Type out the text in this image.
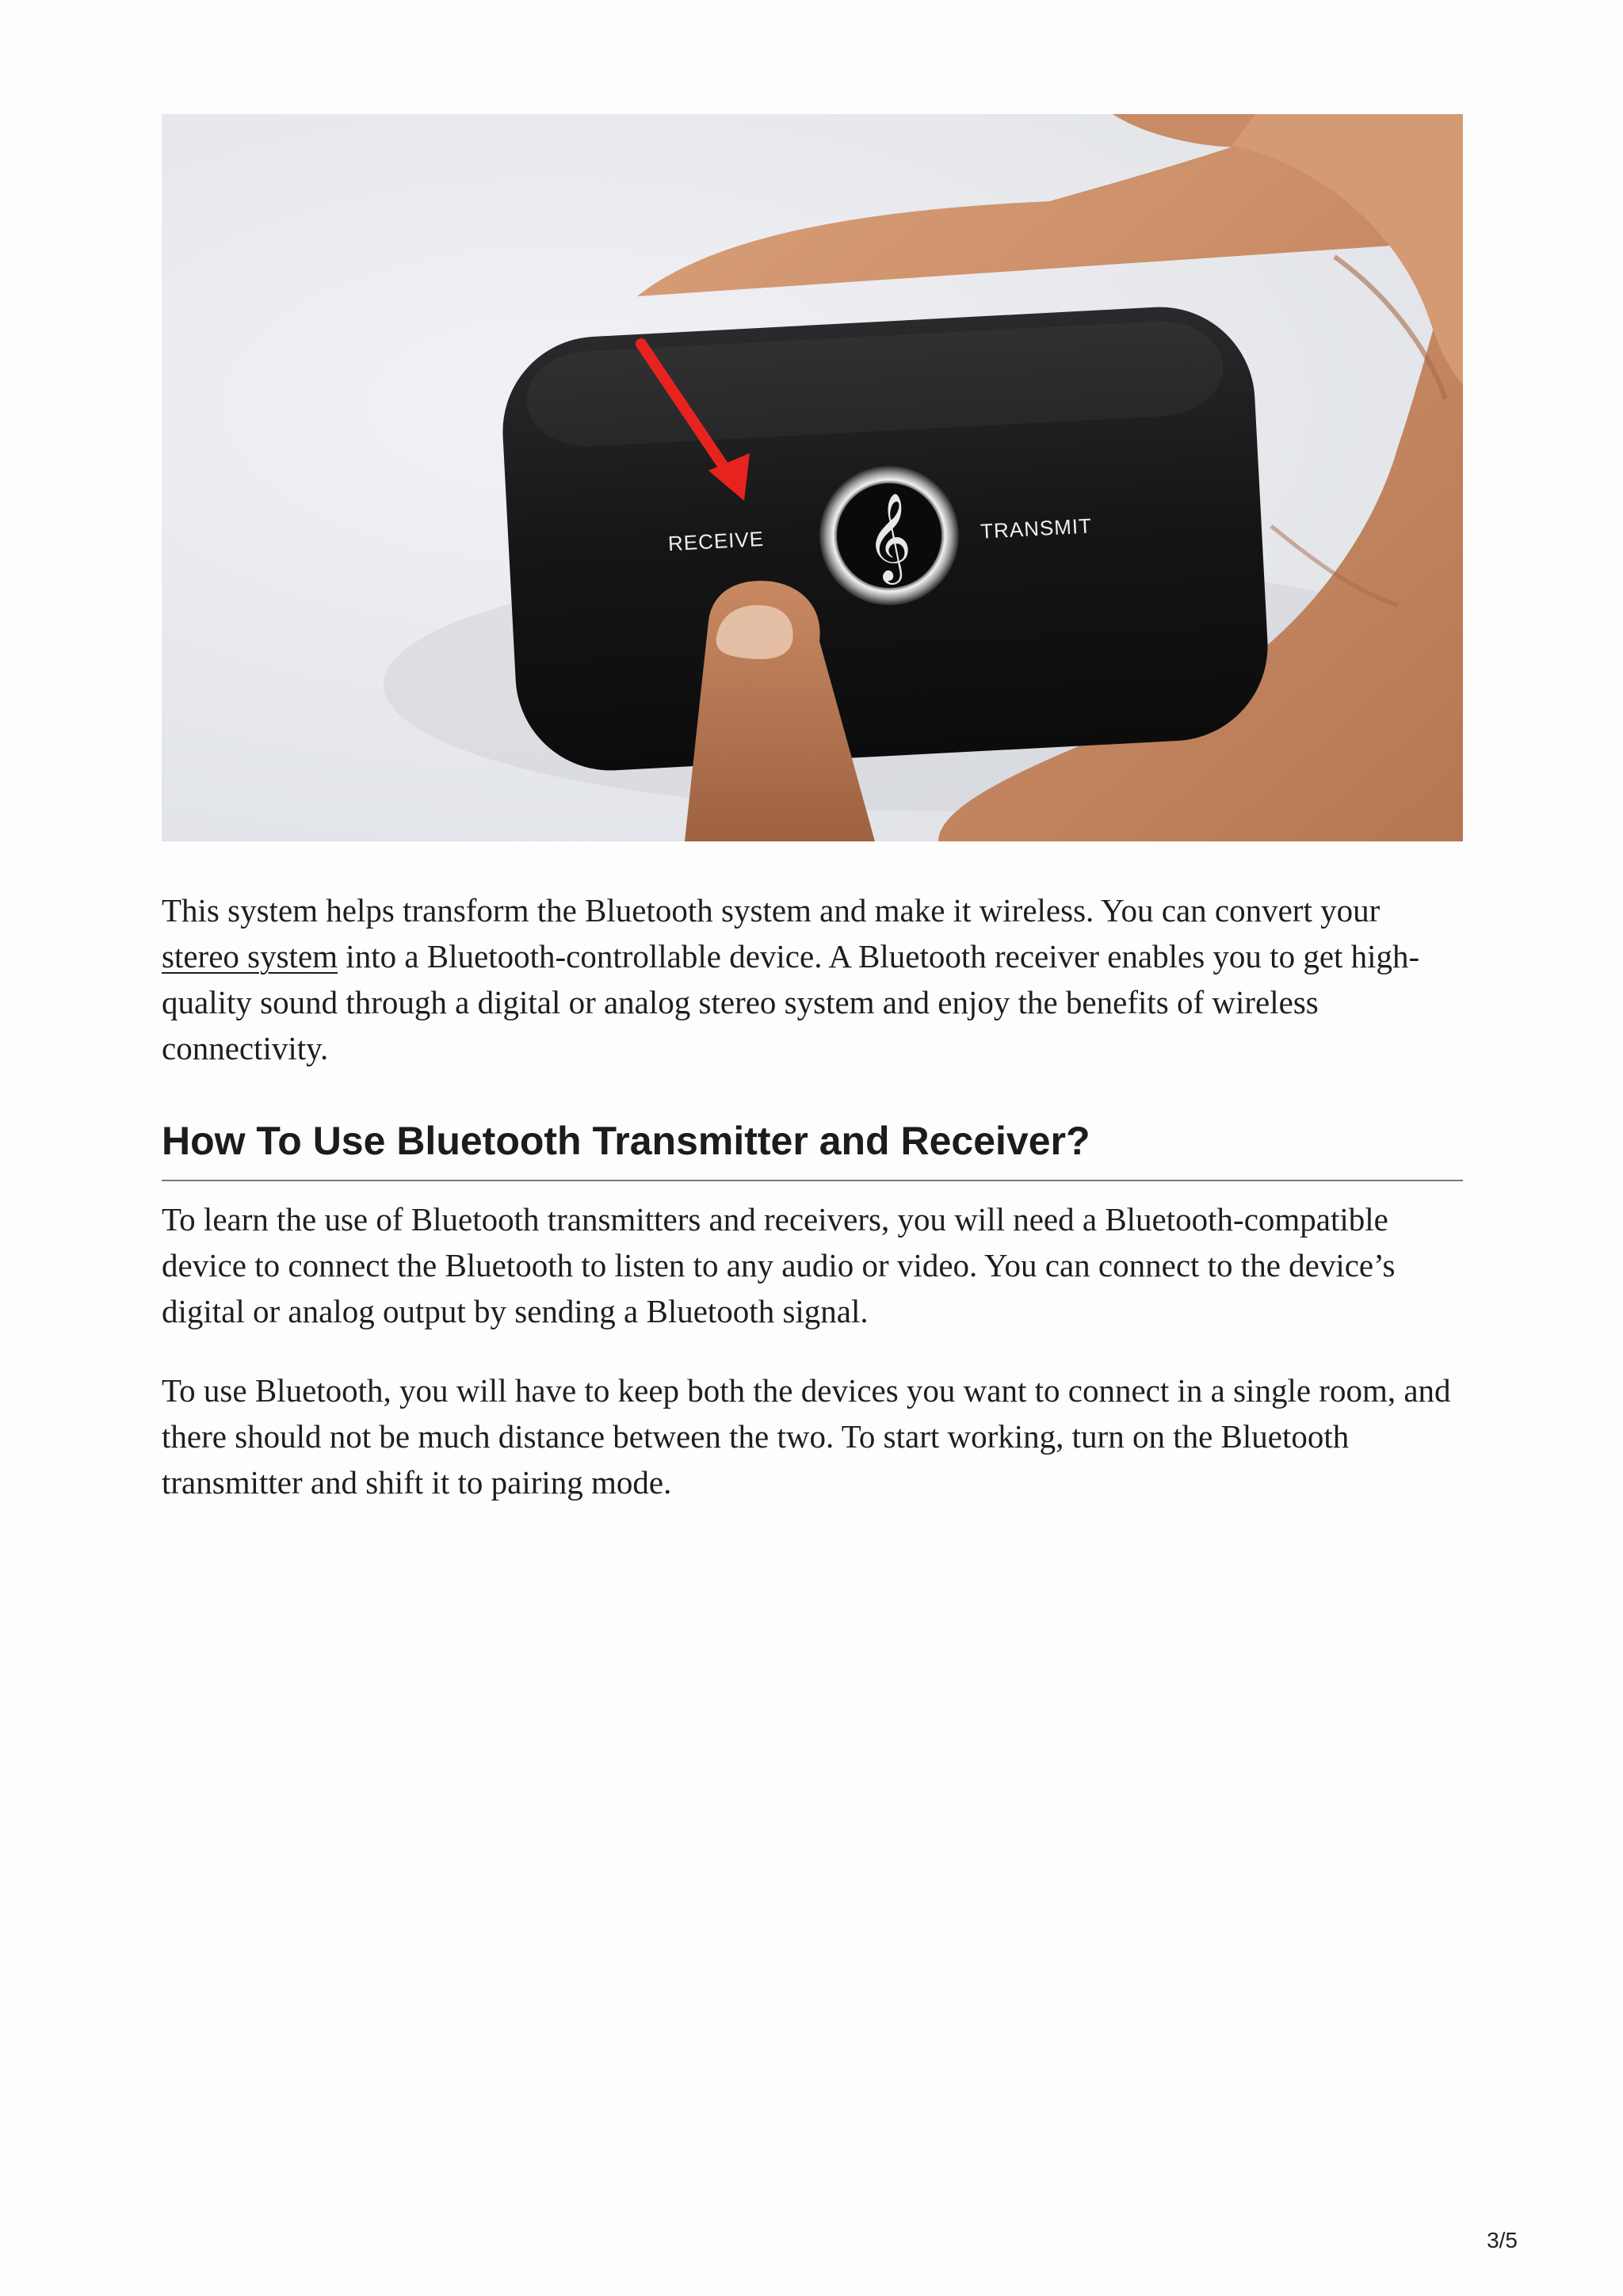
𝄞
RECEIVE	TRANSMIT

This system helps transform the Bluetooth system and make it wireless. You can convert your stereo system into a Bluetooth-controllable device. A Bluetooth receiver enables you to get high-quality sound through a digital or analog stereo system and enjoy the benefits of wireless connectivity.

How To Use Bluetooth Transmitter and Receiver?

To learn the use of Bluetooth transmitters and receivers, you will need a Bluetooth-compatible device to connect the Bluetooth to listen to any audio or video. You can connect to the device’s digital or analog output by sending a Bluetooth signal.

To use Bluetooth, you will have to keep both the devices you want to connect in a single room, and there should not be much distance between the two. To start working, turn on the Bluetooth transmitter and shift it to pairing mode.

3/5
